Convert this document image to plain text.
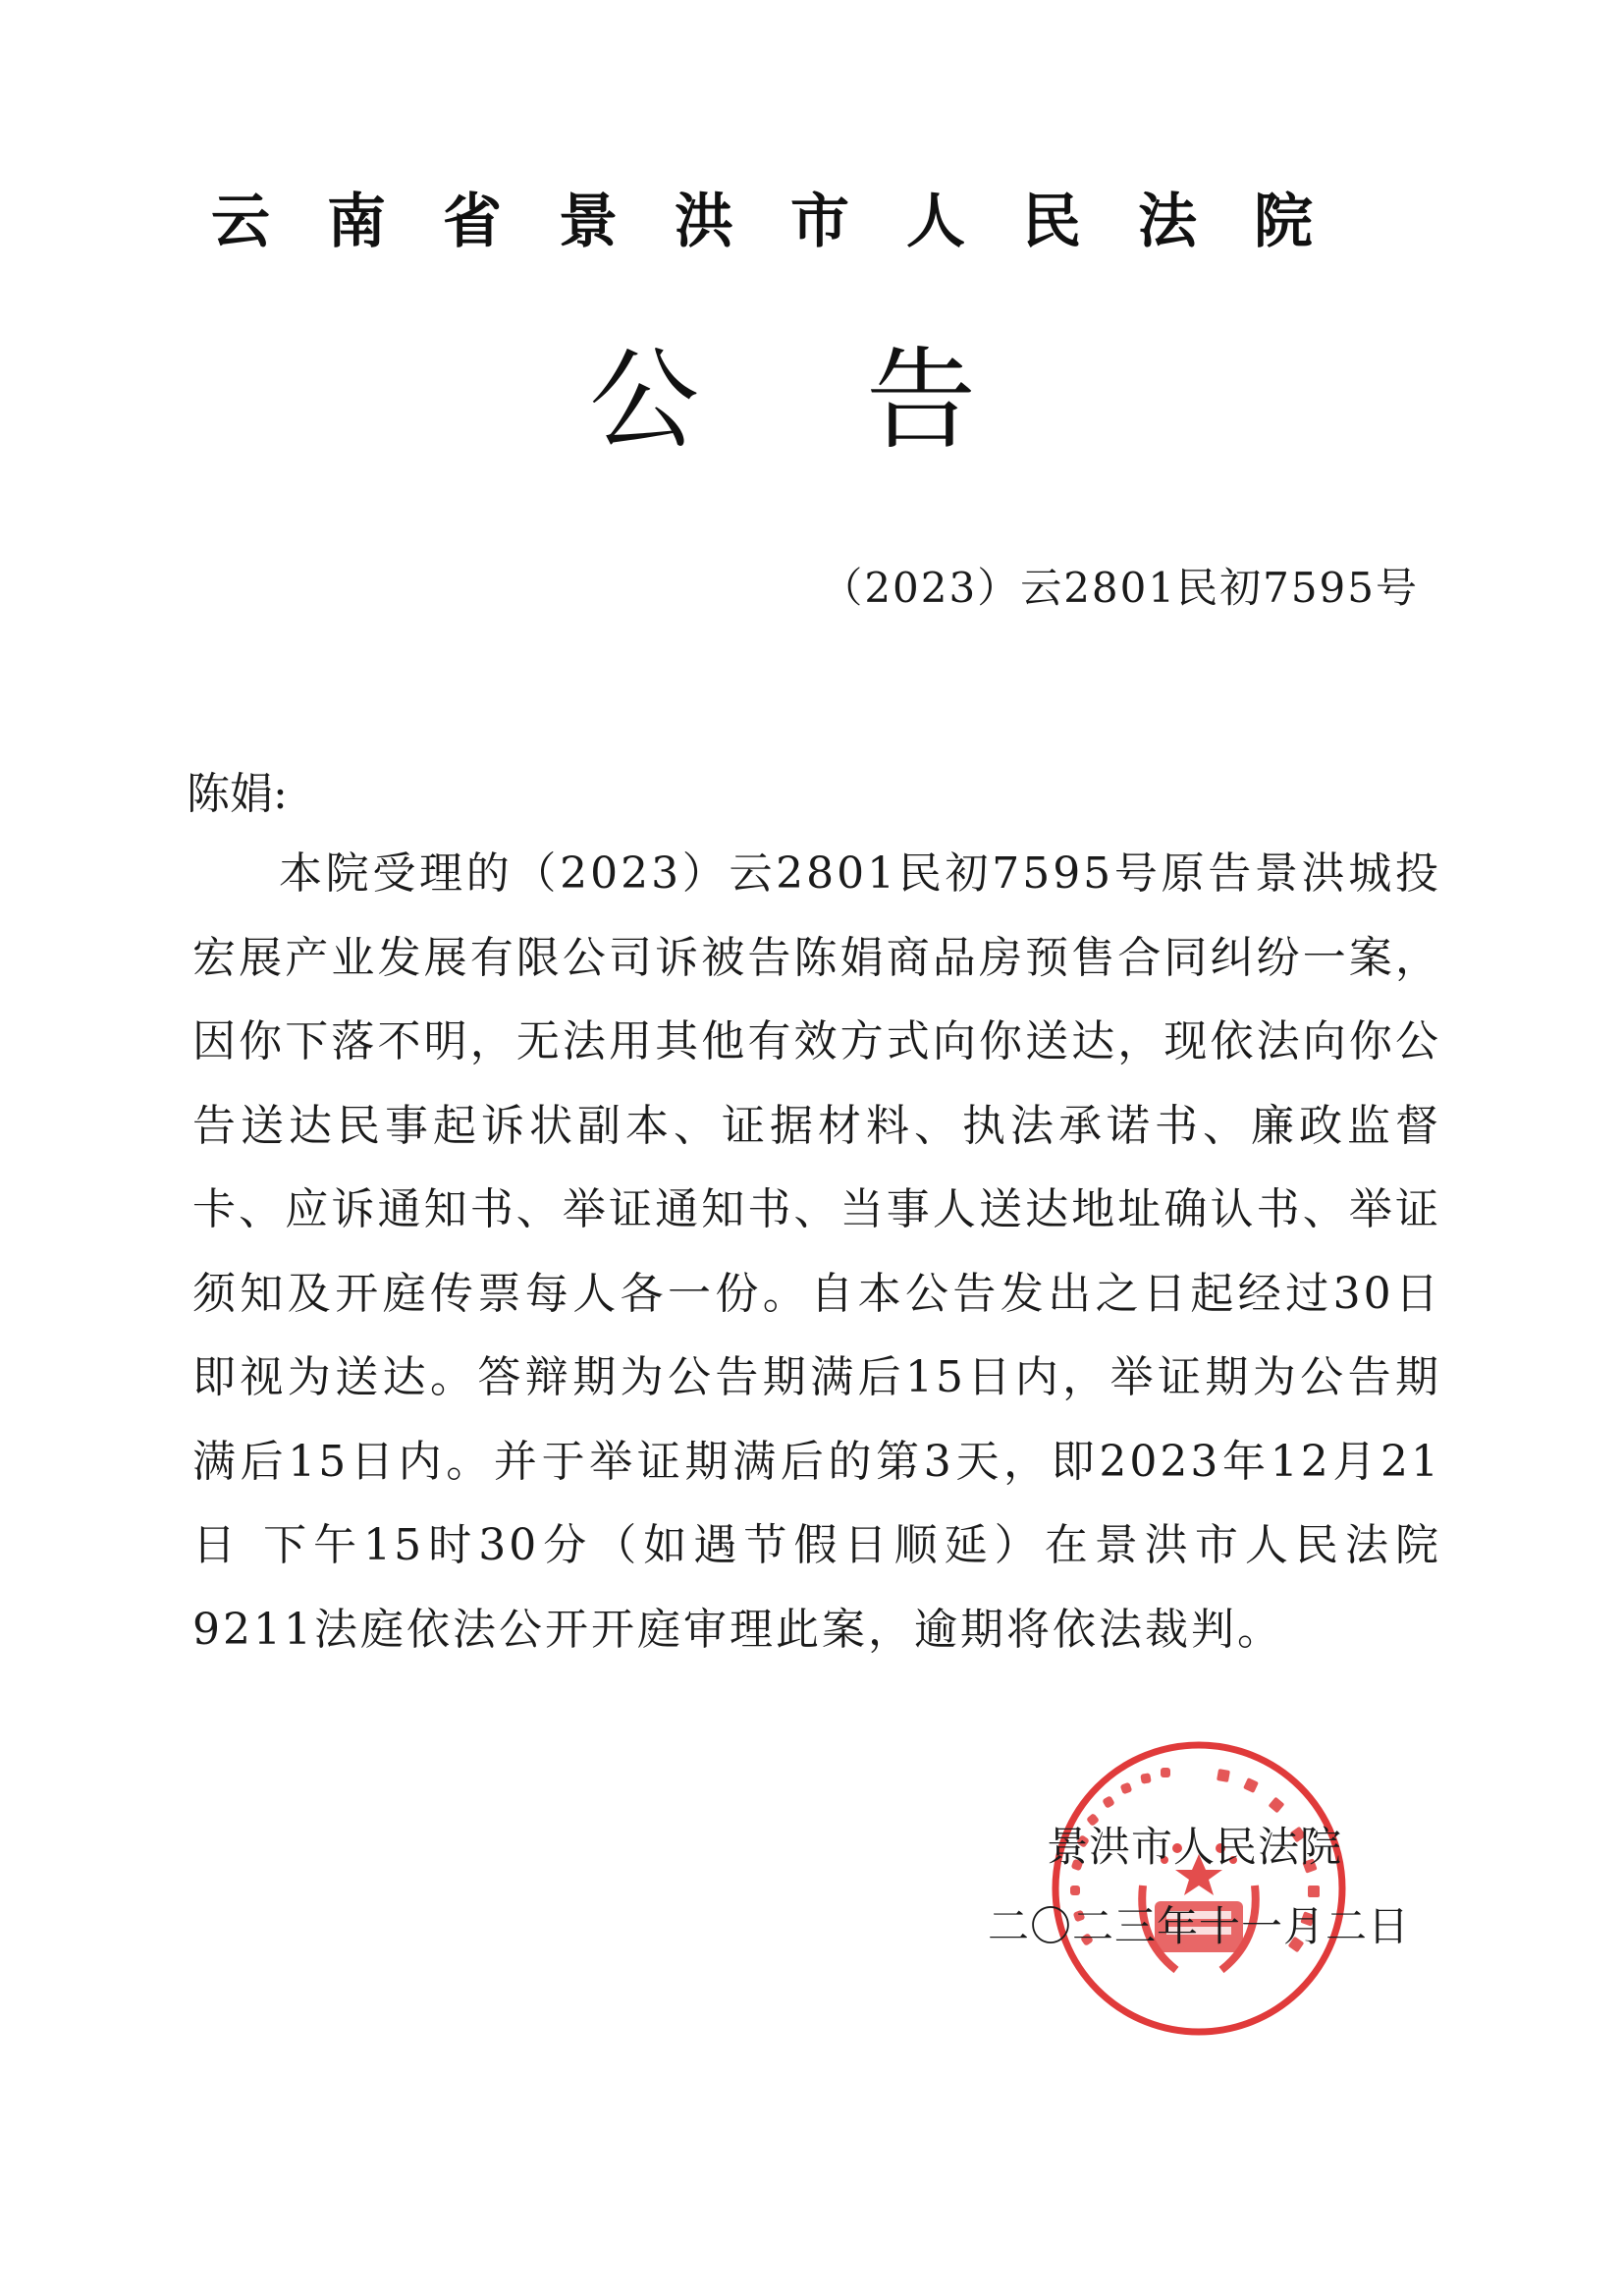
云南省景洪市人民法院
公告
（2023）云2801民初7595号
陈娟:

本院受理的（2023）云2801民初7595号原告景洪城投宏展产业发展有限公司诉被告陈娟商品房预售合同纠纷一案，因你下落不明，无法用其他有效方式向你送达，现依法向你公告送达民事起诉状副本、证据材料、执法承诺书、廉政监督卡、应诉通知书、举证通知书、当事人送达地址确认书、举证须知及开庭传票每人各一份。自本公告发出之日起经过30日即视为送达。答辩期为公告期满后15日内，举证期为公告期满后15日内。并于举证期满后的第3天，即2023年12月21日 下午15时30分（如遇节假日顺延）在景洪市人民法院9211法庭依法公开开庭审理此案，逾期将依法裁判。

景洪市人民法院
二〇二三年十一月二日
